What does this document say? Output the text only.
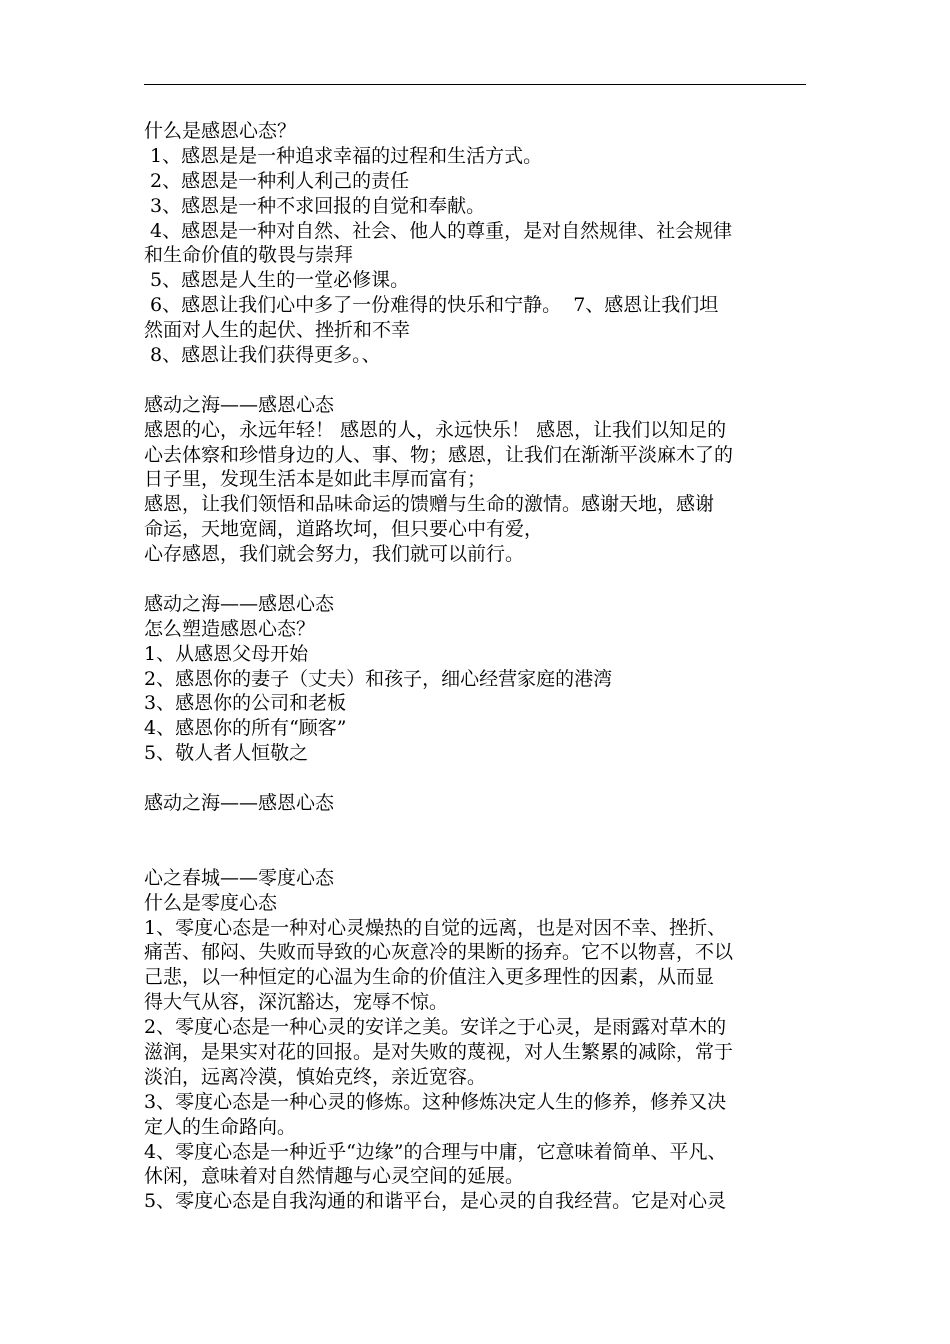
什么是感恩心态？
1、感恩是是一种追求幸福的过程和生活方式。
2、感恩是一种利人利己的责任
3、感恩是一种不求回报的自觉和奉献。
4、感恩是一种对自然、社会、他人的尊重，是对自然规律、社会规律
和生命价值的敬畏与崇拜
5、感恩是人生的一堂必修课。
6、感恩让我们心中多了一份难得的快乐和宁静。  7、感恩让我们坦
然面对人生的起伏、挫折和不幸
8、感恩让我们获得更多。、
感动之海——感恩心态
感恩的心，永远年轻！ 感恩的人，永远快乐！ 感恩，让我们以知足的
心去体察和珍惜身边的人、事、物；感恩，让我们在渐渐平淡麻木了的
日子里，发现生活本是如此丰厚而富有；
感恩，让我们领悟和品味命运的馈赠与生命的激情。感谢天地，感谢
命运，天地宽阔，道路坎坷，但只要心中有爱，
心存感恩，我们就会努力，我们就可以前行。
感动之海——感恩心态
怎么塑造感恩心态？
1、从感恩父母开始
2、感恩你的妻子（丈夫）和孩子，细心经营家庭的港湾
3、感恩你的公司和老板
4、感恩你的所有“顾客”
5、敬人者人恒敬之
感动之海——感恩心态
心之春城——零度心态
什么是零度心态
1、零度心态是一种对心灵燥热的自觉的远离，也是对因不幸、挫折、
痛苦、郁闷、失败而导致的心灰意冷的果断的扬弃。它不以物喜，不以
己悲，以一种恒定的心温为生命的价值注入更多理性的因素，从而显
得大气从容，深沉豁达，宠辱不惊。
2、零度心态是一种心灵的安详之美。安详之于心灵，是雨露对草木的
滋润，是果实对花的回报。是对失败的蔑视，对人生繁累的减除，常于
淡泊，远离冷漠，慎始克终，亲近宽容。
3、零度心态是一种心灵的修炼。这种修炼决定人生的修养，修养又决
定人的生命路向。
4、零度心态是一种近乎“边缘”的合理与中庸，它意味着简单、平凡、
休闲，意味着对自然情趣与心灵空间的延展。
5、零度心态是自我沟通的和谐平台，是心灵的自我经营。它是对心灵
